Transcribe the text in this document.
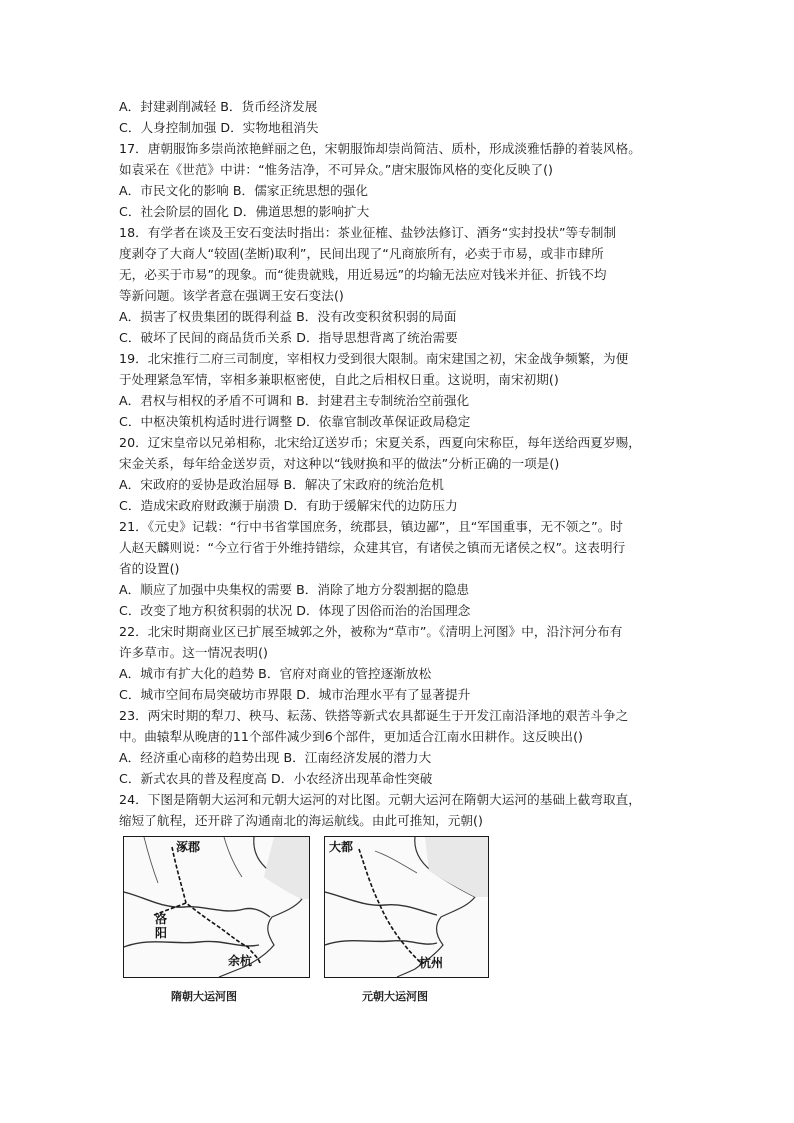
A．封建剥削减轻 B．货币经济发展
C．人身控制加强 D．实物地租消失
17．唐朝服饰多崇尚浓艳鲜丽之色，宋朝服饰却崇尚简洁、质朴，形成淡雅恬静的着装风格。
如袁采在《世范》中讲：“惟务洁净，不可异众。”唐宋服饰风格的变化反映了()
A．市民文化的影响 B．儒家正统思想的强化
C．社会阶层的固化 D．佛道思想的影响扩大
18．有学者在谈及王安石变法时指出：茶业征榷、盐钞法修订、酒务“实封投状”等专制制
度剥夺了大商人“较固(垄断)取利”，民间出现了“凡商旅所有，必卖于市易，或非市肆所
无，必买于市易”的现象。而“徙贵就贱，用近易远”的均输无法应对钱米并征、折钱不均
等新问题。该学者意在强调王安石变法()
A．损害了权贵集团的既得利益 B．没有改变积贫积弱的局面
C．破坏了民间的商品货币关系 D．指导思想背离了统治需要
19．北宋推行二府三司制度，宰相权力受到很大限制。南宋建国之初，宋金战争频繁，为便
于处理紧急军情，宰相多兼职枢密使，自此之后相权日重。这说明，南宋初期()
A．君权与相权的矛盾不可调和 B．封建君主专制统治空前强化
C．中枢决策机构适时进行调整 D．依靠官制改革保证政局稳定
20．辽宋皇帝以兄弟相称，北宋给辽送岁币；宋夏关系，西夏向宋称臣，每年送给西夏岁赐，
宋金关系，每年给金送岁贡，对这种以“钱财换和平的做法”分析正确的一项是()
A．宋政府的妥协是政治屈辱 B．解决了宋政府的统治危机
C．造成宋政府财政濒于崩溃 D．有助于缓解宋代的边防压力
21．《元史》记载：“行中书省掌国庶务，统郡县，镇边鄙”，且“军国重事，无不领之”。时
人赵天麟则说：“今立行省于外维持错综，众建其官，有诸侯之镇而无诸侯之权”。这表明行
省的设置()
A．顺应了加强中央集权的需要 B．消除了地方分裂割据的隐患
C．改变了地方积贫积弱的状况 D．体现了因俗而治的治国理念
22．北宋时期商业区已扩展至城郭之外，被称为“草市”。《清明上河图》中，沿汴河分布有
许多草市。这一情况表明()
A．城市有扩大化的趋势 B．官府对商业的管控逐渐放松
C．城市空间布局突破坊市界限 D．城市治理水平有了显著提升
23．两宋时期的犁刀、秧马、耘荡、铁搭等新式农具都诞生于开发江南沿泽地的艰苦斗争之
中。曲辕犁从晚唐的11个部件减少到6个部件，更加适合江南水田耕作。这反映出()
A．经济重心南移的趋势出现 B．江南经济发展的潜力大
C．新式农具的普及程度高 D．小农经济出现革命性突破
24．下图是隋朝大运河和元朝大运河的对比图。元朝大运河在隋朝大运河的基础上截弯取直，
缩短了航程，还开辟了沟通南北的海运航线。由此可推知，元朝()
涿郡
洛
阳
余杭
隋朝大运河图
大都
杭州
元朝大运河图
